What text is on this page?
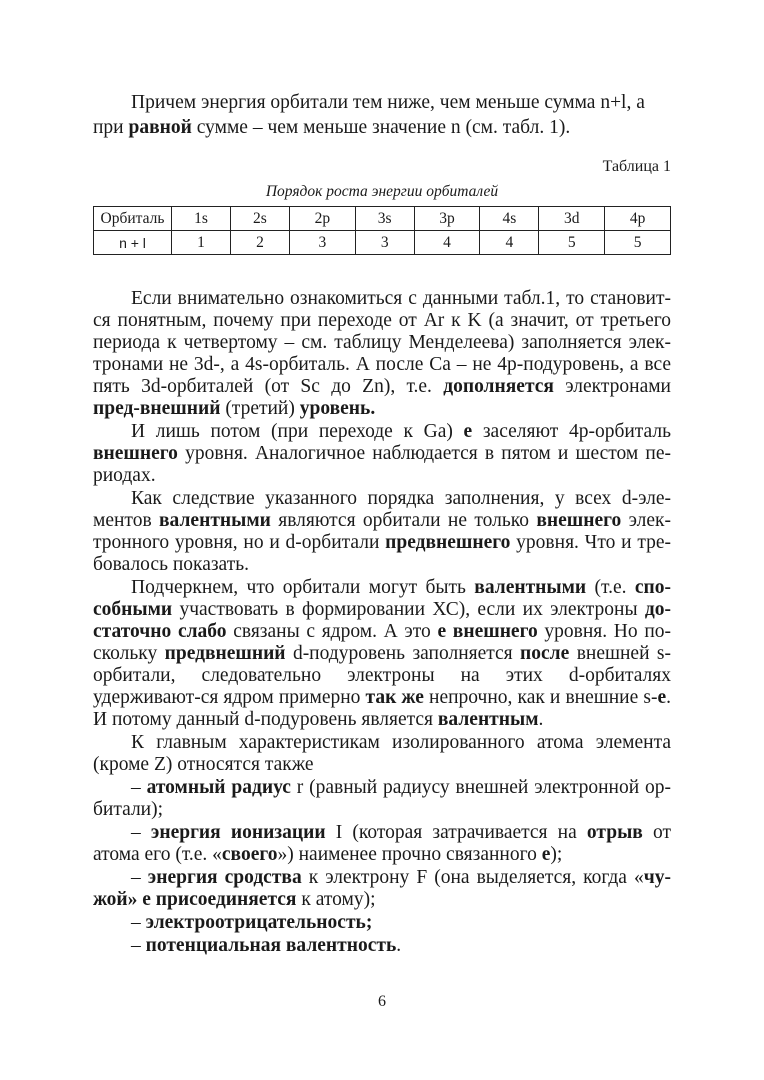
Причем энергия орбитали тем ниже, чем меньше сумма n+l, а

при равной сумме – чем меньше значение n (см. табл. 1).

Таблица 1
Порядок роста энергии орбиталей
Орбиталь	1s	2s	2p	3s	3p	4s	3d	4p
n + l	1	2	3	3	4	4	5	5

Если внимательно ознакомиться с данными табл.1, то становит-ся понятным, почему при переходе от Ar к K (а значит, от третьего периода к четвертому – см. таблицу Менделеева) заполняется элек-тронами не 3d-, а 4s-орбиталь. А после Ca – не 4p-подуровень, а все пять 3d-орбиталей (от Sc до Zn), т.е. дополняется электронами пред-внешний (третий) уровень.

И лишь потом (при переходе к Ga) e заселяют 4p-орбиталь внешнего уровня. Аналогичное наблюдается в пятом и шестом пе-риодах.

Как следствие указанного порядка заполнения, у всех d-эле-ментов валентными являются орбитали не только внешнего элек-тронного уровня, но и d-орбитали предвнешнего уровня. Что и тре-бовалось показать.

Подчеркнем, что орбитали могут быть валентными (т.е. спо-собными участвовать в формировании ХС), если их электроны до-статочно слабо связаны с ядром. А это e внешнего уровня. Но по-скольку предвнешний d-подуровень заполняется после внешней s-орбитали, следовательно электроны на этих d-орбиталях удерживают-ся ядром примерно так же непрочно, как и внешние s-e. И потому данный d-подуровень является валентным.

К главным характеристикам изолированного атома элемента (кроме Z) относятся также

– атомный радиус r (равный радиусу внешней электронной ор-битали);

– энергия ионизации I (которая затрачивается на отрыв от атома его (т.е. «своего») наименее прочно связанного e);

– энергия сродства к электрону F (она выделяется, когда «чу-жой» e присоединяется к атому);

– электроотрицательность;

– потенциальная валентность.

6
